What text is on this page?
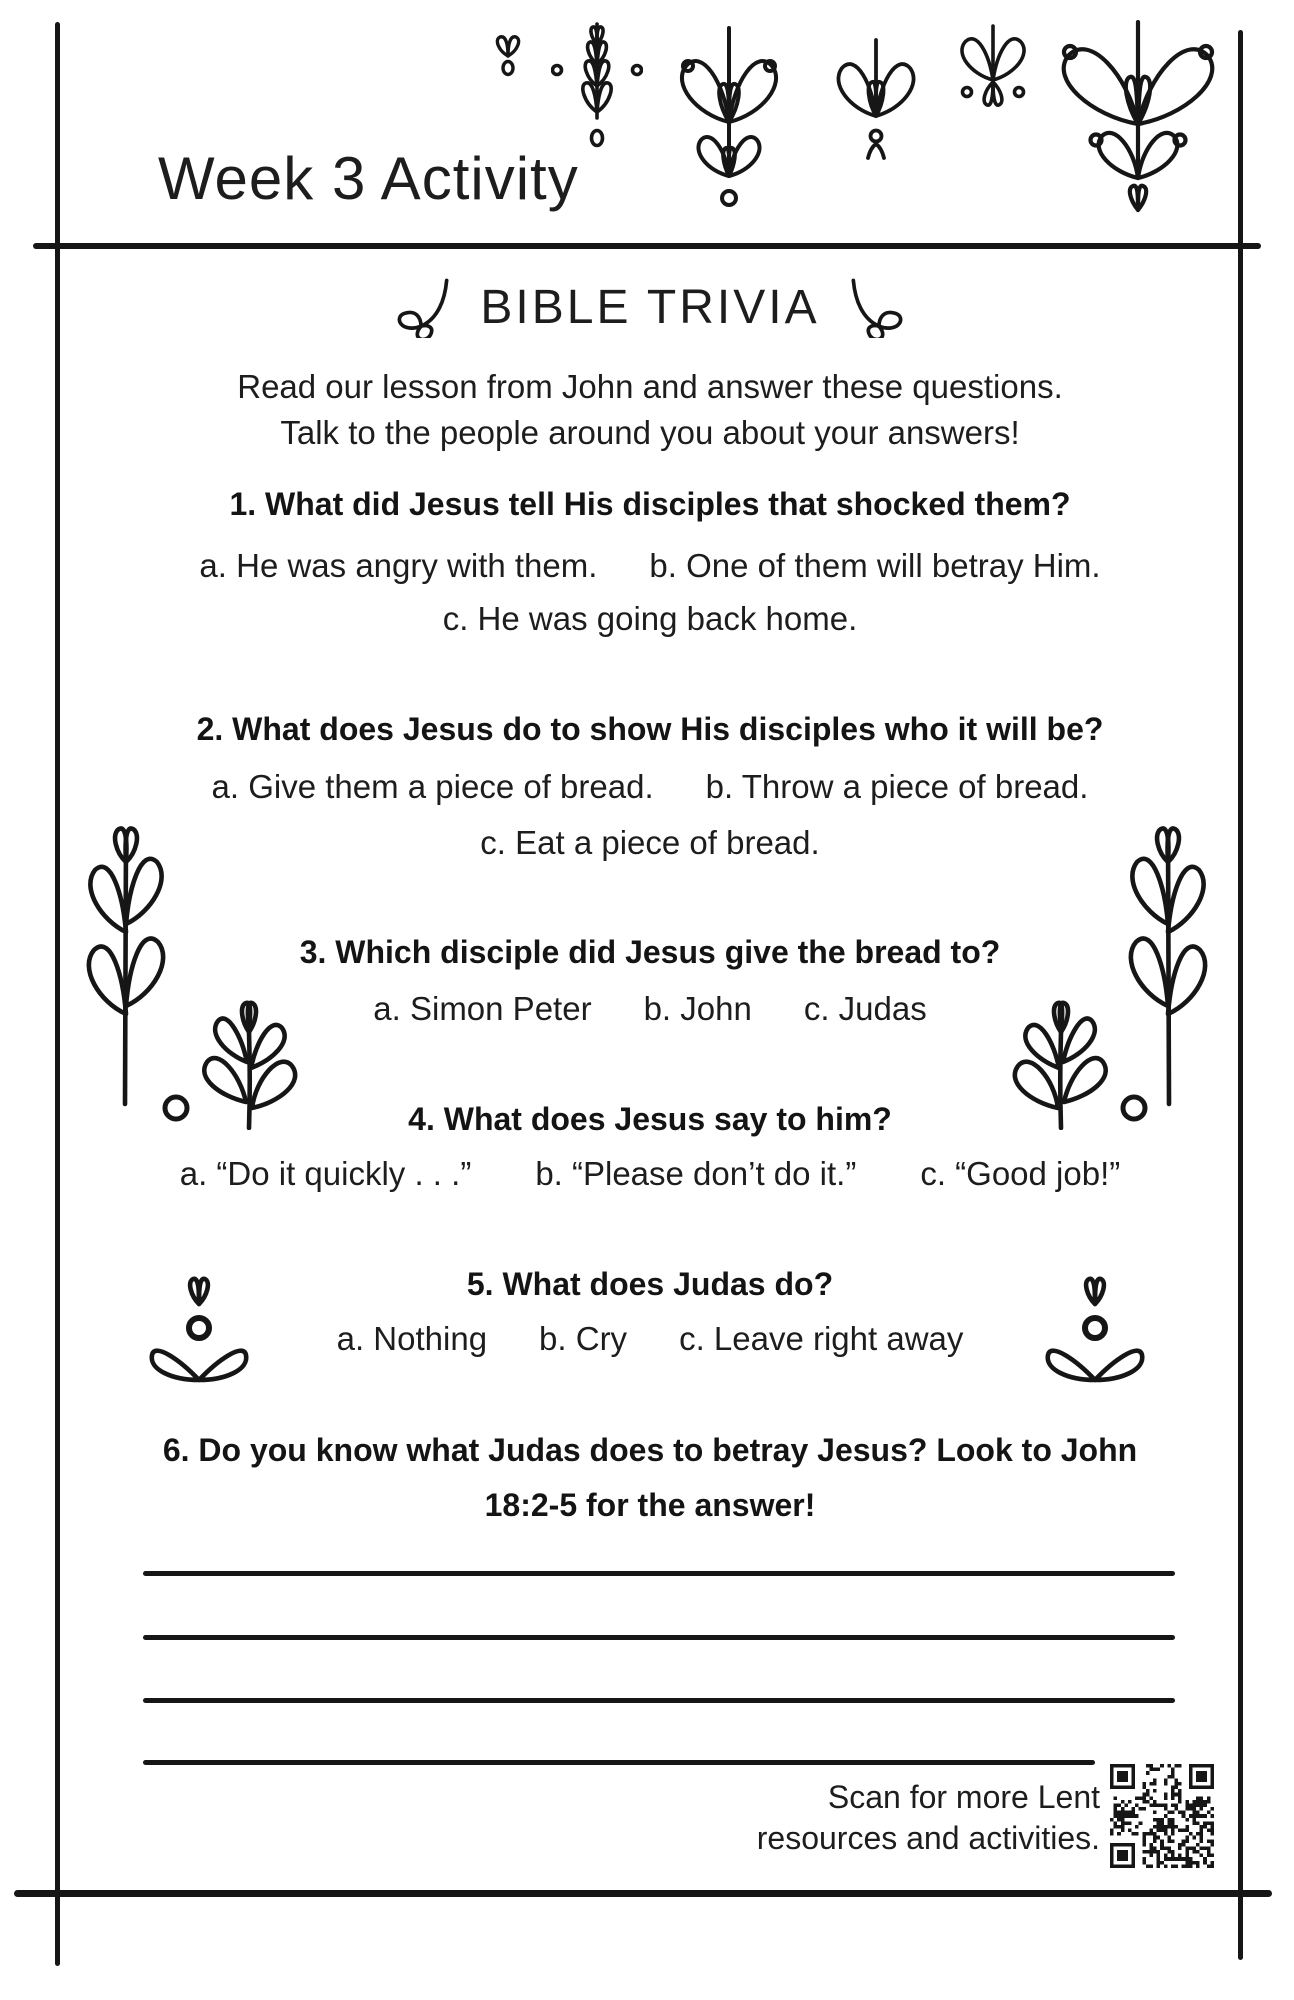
Week 3 Activity
BIBLE TRIVIA
Read our lesson from John and answer these questions.
Talk to the people around you about your answers!
1. What did Jesus tell His disciples that shocked them?
a. He was angry with them. b. One of them will betray Him.
c. He was going back home.
2. What does Jesus do to show His disciples who it will be?
a. Give them a piece of bread. b. Throw a piece of bread.
c. Eat a piece of bread.
3. Which disciple did Jesus give the bread to?
a. Simon Peter b. John c. Judas
4. What does Jesus say to him?
a. “Do it quickly . . .” b. “Please don’t do it.” c. “Good job!”
5. What does Judas do?
a. Nothing b. Cry c. Leave right away
6. Do you know what Judas does to betray Jesus? Look to John
18:2-5 for the answer!
Scan for more Lent
resources and activities.
